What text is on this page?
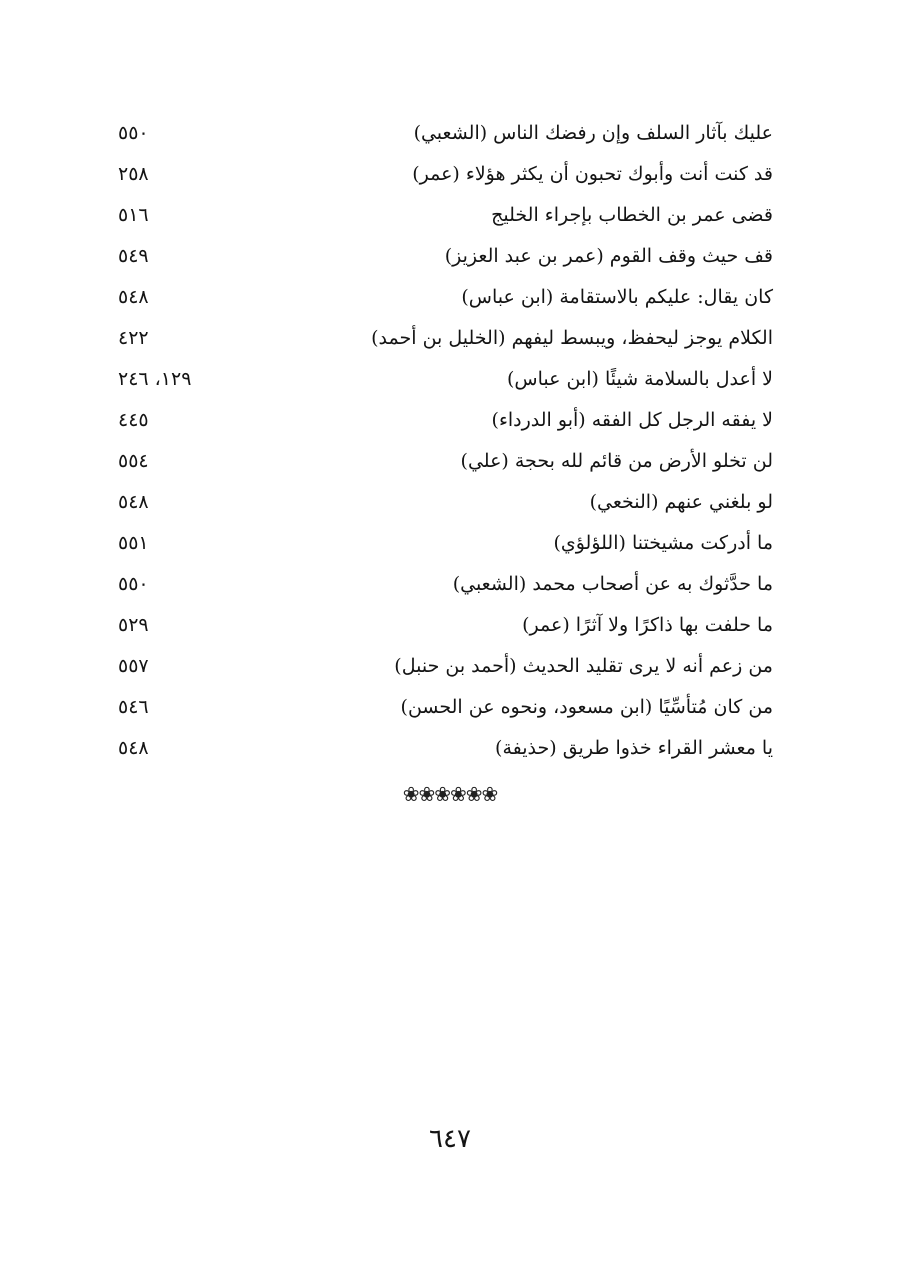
٥٥٠	عليك بآثار السلف وإن رفضك الناس (الشعبي)
٢٥٨	قد كنت أنت وأبوك تحبون أن يكثر هؤلاء (عمر)
٥١٦	قضى عمر بن الخطاب بإجراء الخليج
٥٤٩	قف حيث وقف القوم (عمر بن عبد العزيز)
٥٤٨	كان يقال: عليكم بالاستقامة (ابن عباس)
٤٢٢	الكلام يوجز ليحفظ، ويبسط ليفهم (الخليل بن أحمد)
١٢٩، ٢٤٦	لا أعدل بالسلامة شيئًا (ابن عباس)
٤٤٥	لا يفقه الرجل كل الفقه (أبو الدرداء)
٥٥٤	لن تخلو الأرض من قائم لله بحجة (علي)
٥٤٨	لو بلغني عنهم (النخعي)
٥٥١	ما أدركت مشيختنا (اللؤلؤي)
٥٥٠	ما حدَّثوك به عن أصحاب محمد (الشعبي)
٥٢٩	ما حلفت بها ذاكرًا ولا آثرًا (عمر)
٥٥٧	من زعم أنه لا يرى تقليد الحديث (أحمد بن حنبل)
٥٤٦	من كان مُتأسِّيًا (ابن مسعود، ونحوه عن الحسن)
٥٤٨	يا معشر القراء خذوا طريق (حذيفة)
❀❀❀❀❀❀
٦٤٧
